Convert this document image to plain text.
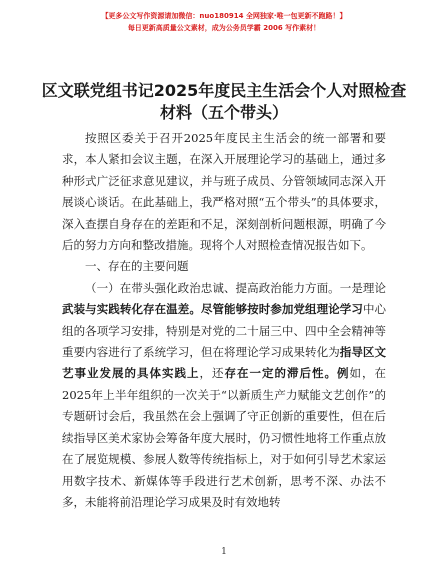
【更多公文写作资源请加微信：nuo180914 全网独家·唯一包更新不跑路！】
每日更新高质量公文素材，成为公务员学霸 2006 写作素材！
区文联党组书记2025年度民主生活会个人对照检查材料（五个带头）

按照区委关于召开2025年度民主生活会的统一部署和要求，本人紧扣会议主题，在深入开展理论学习的基础上，通过多种形式广泛征求意见建议，并与班子成员、分管领域同志深入开展谈心谈话。在此基础上，我严格对照“五个带头”的具体要求，深入查摆自身存在的差距和不足，深刻剖析问题根源，明确了今后的努力方向和整改措施。现将个人对照检查情况报告如下。

一、存在的主要问题

（一）在带头强化政治忠诚、提高政治能力方面。一是理论武装与实践转化存在温差。尽管能够按时参加党组理论学习中心组的各项学习安排，特别是对党的二十届三中、四中全会精神等重要内容进行了系统学习，但在将理论学习成果转化为指导区文艺事业发展的具体实践上，还存在一定的滞后性。例如，在2025年上半年组织的一次关于“以新质生产力赋能文艺创作”的专题研讨会后，我虽然在会上强调了守正创新的重要性，但在后续指导区美术家协会筹备年度大展时，仍习惯性地将工作重点放在了展览规模、参展人数等传统指标上，对于如何引导艺术家运用数字技术、新媒体等手段进行艺术创新，思考不深、办法不多，未能将前沿理论学习成果及时有效地转

1
